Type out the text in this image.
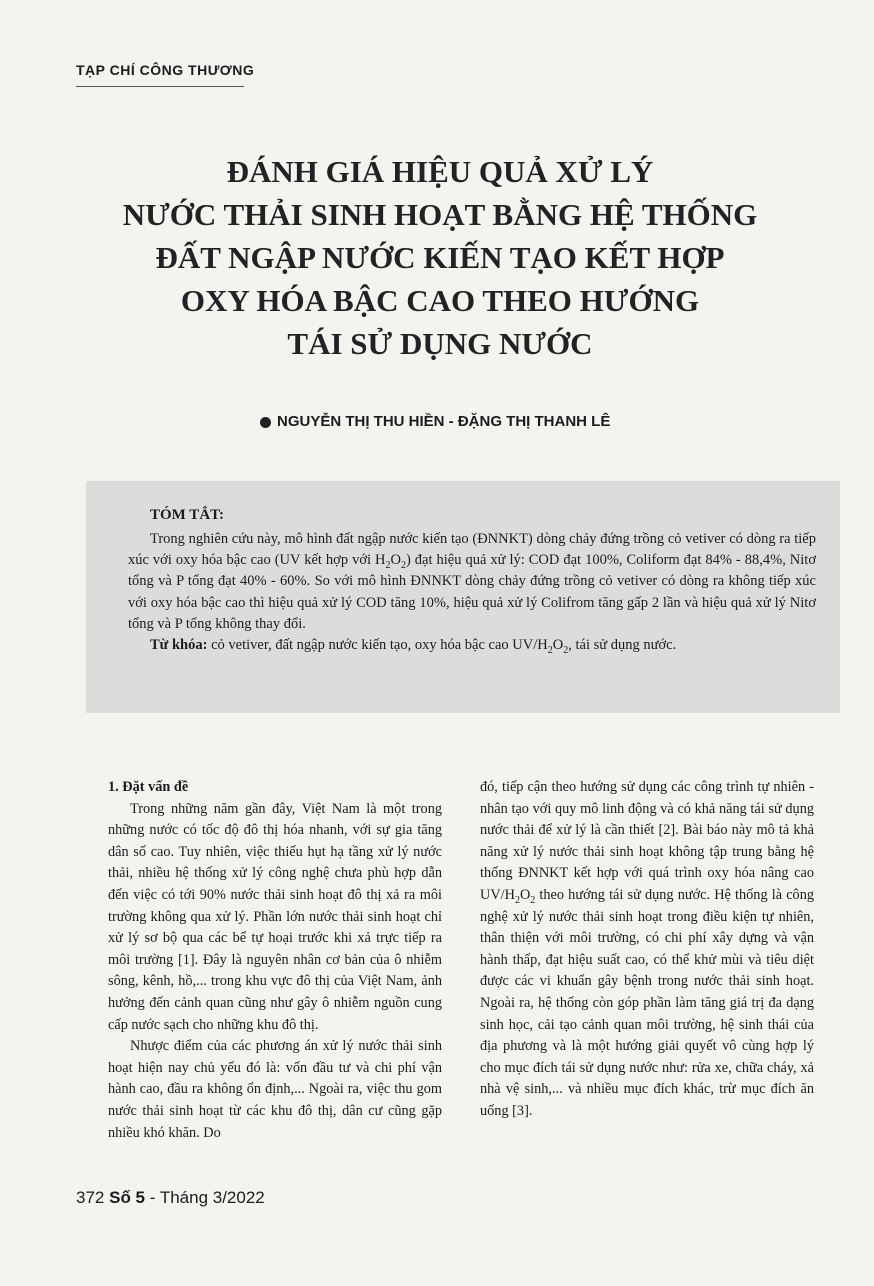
TẠP CHÍ CÔNG THƯƠNG
ĐÁNH GIÁ HIỆU QUẢ XỬ LÝ
NƯỚC THẢI SINH HOẠT BẰNG HỆ THỐNG
ĐẤT NGẬP NƯỚC KIẾN TẠO KẾT HỢP
OXY HÓA BẬC CAO THEO HƯỚNG
TÁI SỬ DỤNG NƯỚC
NGUYỄN THỊ THU HIỀN - ĐẶNG THỊ THANH LÊ
TÓM TẮT:

Trong nghiên cứu này, mô hình đất ngập nước kiến tạo (ĐNNKT) dòng chảy đứng trồng cỏ vetiver có dòng ra tiếp xúc với oxy hóa bậc cao (UV kết hợp với $H_2O_2$) đạt hiệu quả xử lý: COD đạt 100%, Coliform đạt 84% - 88,4%, Nitơ tổng và P tổng đạt 40% - 60%. So với mô hình ĐNNKT dòng chảy đứng trồng cỏ vetiver có dòng ra không tiếp xúc với oxy hóa bậc cao thì hiệu quả xử lý COD tăng 10%, hiệu quả xử lý Colifrom tăng gấp 2 lần và hiệu quả xử lý Nitơ tổng và P tổng không thay đổi.

Từ khóa: cỏ vetiver, đất ngập nước kiến tạo, oxy hóa bậc cao $UV/H_2O_2$, tái sử dụng nước.

1. Đặt vấn đề

Trong những năm gần đây, Việt Nam là một trong những nước có tốc độ đô thị hóa nhanh, với sự gia tăng dân số cao. Tuy nhiên, việc thiếu hụt hạ tầng xử lý nước thải, nhiều hệ thống xử lý công nghệ chưa phù hợp dẫn đến việc có tới 90% nước thải sinh hoạt đô thị xả ra môi trường không qua xử lý. Phần lớn nước thải sinh hoạt chỉ xử lý sơ bộ qua các bể tự hoại trước khi xả trực tiếp ra môi trường [1]. Đây là nguyên nhân cơ bản của ô nhiễm sông, kênh, hồ,... trong khu vực đô thị của Việt Nam, ảnh hưởng đến cảnh quan cũng như gây ô nhiễm nguồn cung cấp nước sạch cho những khu đô thị.

Nhược điểm của các phương án xử lý nước thải sinh hoạt hiện nay chủ yếu đó là: vốn đầu tư và chi phí vận hành cao, đầu ra không ổn định,... Ngoài ra, việc thu gom nước thải sinh hoạt từ các khu đô thị, dân cư cũng gặp nhiều khó khăn. Do

đó, tiếp cận theo hướng sử dụng các công trình tự nhiên - nhân tạo với quy mô linh động và có khả năng tái sử dụng nước thải để xử lý là cần thiết [2]. Bài báo này mô tả khả năng xử lý nước thải sinh hoạt không tập trung bằng hệ thống ĐNNKT kết hợp với quá trình oxy hóa nâng cao $UV/H_2O_2$ theo hướng tái sử dụng nước. Hệ thống là công nghệ xử lý nước thải sinh hoạt trong điều kiện tự nhiên, thân thiện với môi trường, có chi phí xây dựng và vận hành thấp, đạt hiệu suất cao, có thể khử mùi và tiêu diệt được các vi khuẩn gây bệnh trong nước thải sinh hoạt. Ngoài ra, hệ thống còn góp phần làm tăng giá trị đa dạng sinh học, cải tạo cảnh quan môi trường, hệ sinh thái của địa phương và là một hướng giải quyết vô cùng hợp lý cho mục đích tái sử dụng nước như: rửa xe, chữa cháy, xả nhà vệ sinh,... và nhiều mục đích khác, trừ mục đích ăn uống [3].

372 Số 5 - Tháng 3/2022
